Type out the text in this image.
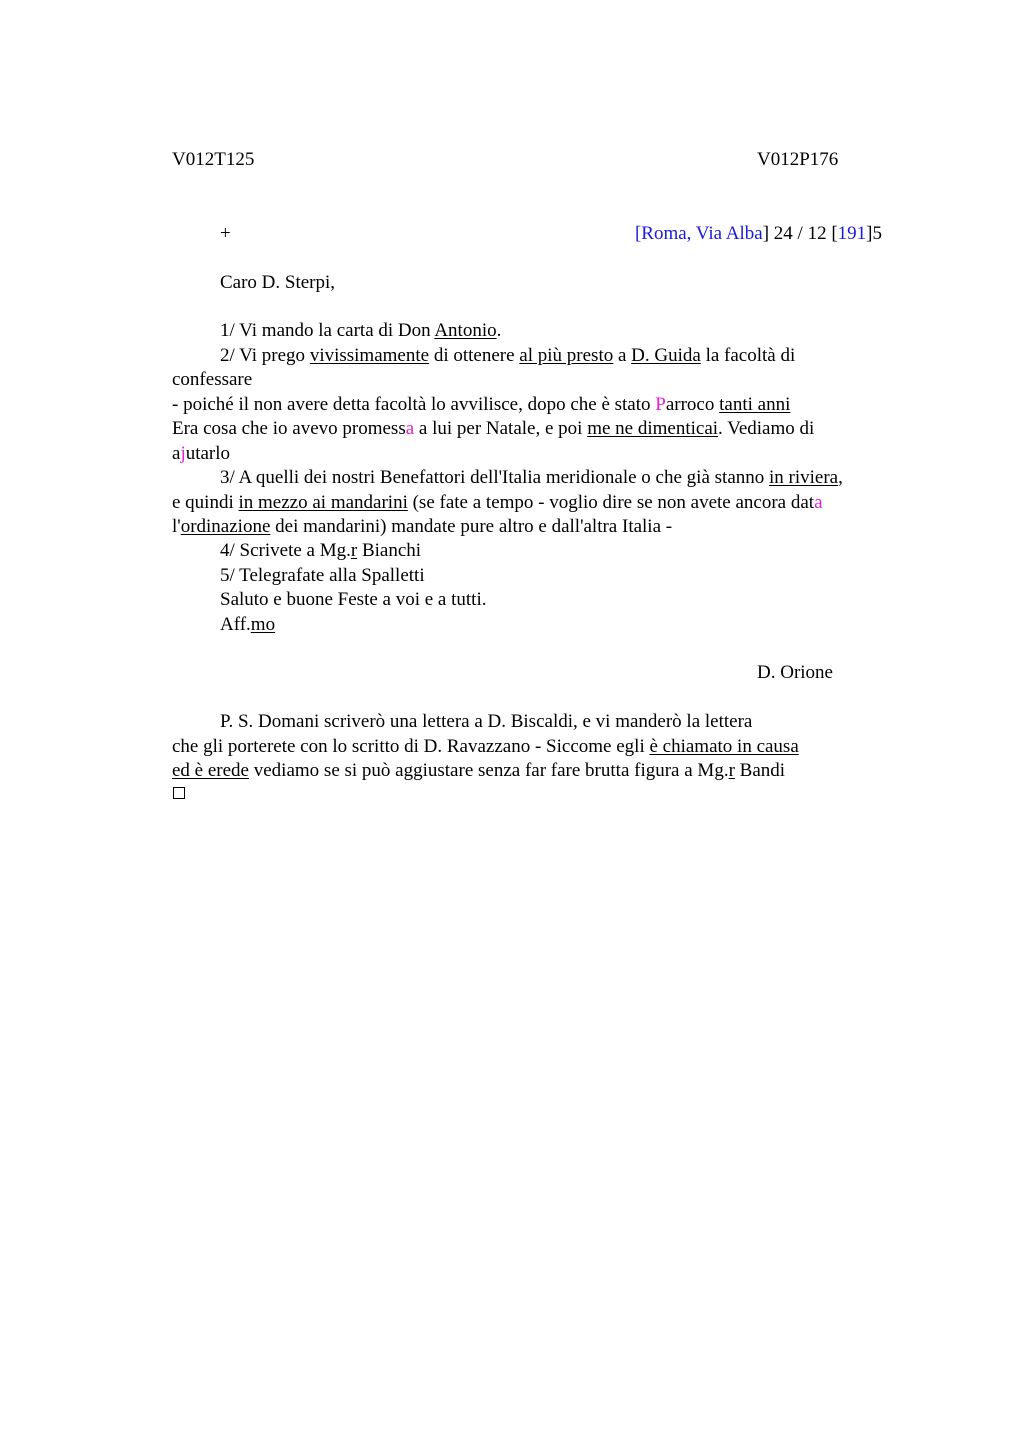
V012T125	V012P176
+	[Roma, Via Alba] 24 / 12 [191]5
Caro D. Sterpi,
1/ Vi mando la carta di Don Antonio.
2/ Vi prego vivissimamente di ottenere al più presto a D. Guida la facoltà di
confessare
- poiché il non avere detta facoltà lo avvilisce, dopo che è stato Parroco tanti anni
Era cosa che io avevo promessa a lui per Natale, e poi me ne dimenticai. Vediamo di
ajutarlo
3/ A quelli dei nostri Benefattori dell'Italia meridionale o che già stanno in riviera,
e quindi in mezzo ai mandarini (se fate a tempo - voglio dire se non avete ancora data
l'ordinazione dei mandarini) mandate pure altro e dall'altra Italia -
4/ Scrivete a Mg.r Bianchi
5/ Telegrafate alla Spalletti
Saluto e buone Feste a voi e a tutti.
Aff.mo
D. Orione
P. S. Domani scriverò una lettera a D. Biscaldi, e vi manderò la lettera
che gli porterete con lo scritto di D. Ravazzano - Siccome egli è chiamato in causa
ed è erede vediamo se si può aggiustare senza far fare brutta figura a Mg.r Bandi
